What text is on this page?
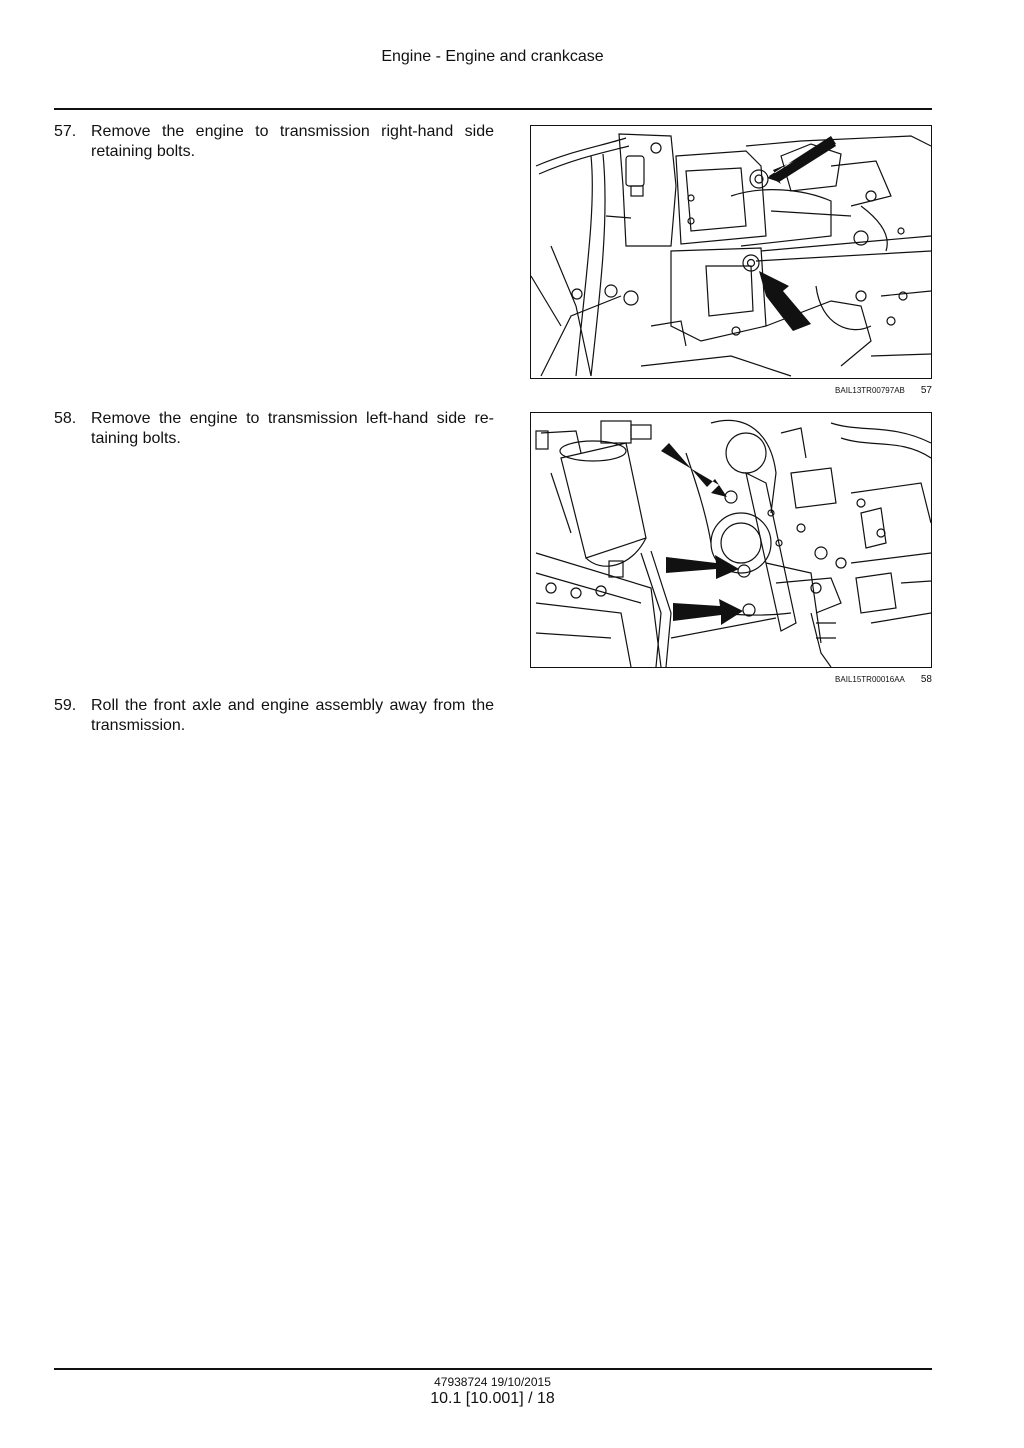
Engine - Engine and crankcase
57. Remove the engine to transmission right-hand side retaining bolts.
BAIL13TR00797AB 57
58. Remove the engine to transmission left-hand side re-taining bolts.
BAIL15TR00016AA 58
59. Roll the front axle and engine assembly away from the transmission.
47938724 19/10/2015
10.1 [10.001] / 18
